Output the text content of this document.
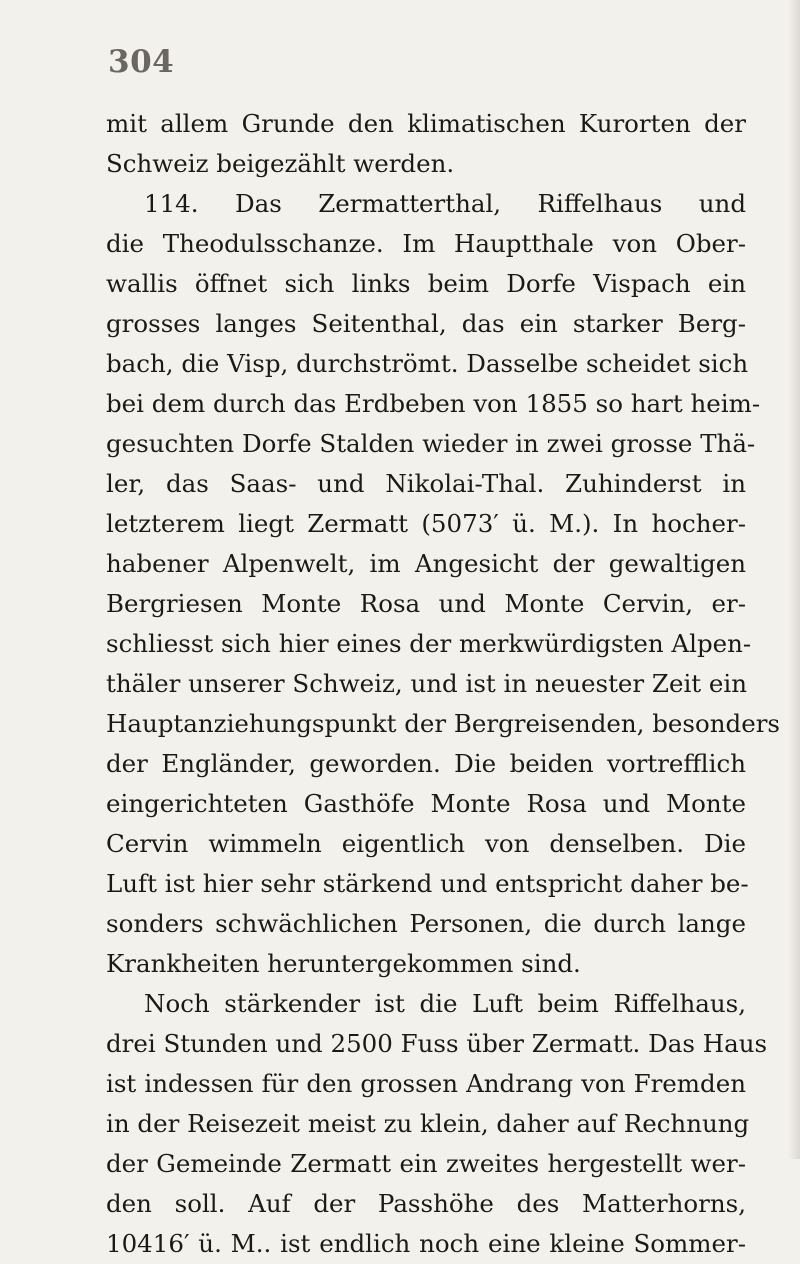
304
mit allem Grunde den klimatischen Kurorten der
Schweiz beigezählt werden.
114. Das Zermatterthal, Riffelhaus und
die Theodulsschanze. Im Hauptthale von Ober-
wallis öffnet sich links beim Dorfe Vispach ein
grosses langes Seitenthal, das ein starker Berg-
bach, die Visp, durchströmt. Dasselbe scheidet sich
bei dem durch das Erdbeben von 1855 so hart heim-
gesuchten Dorfe Stalden wieder in zwei grosse Thä-
ler, das Saas- und Nikolai-Thal. Zuhinderst in
letzterem liegt Zermatt (5073′ ü. M.). In hocher-
habener Alpenwelt, im Angesicht der gewaltigen
Bergriesen Monte Rosa und Monte Cervin, er-
schliesst sich hier eines der merkwürdigsten Alpen-
thäler unserer Schweiz, und ist in neuester Zeit ein
Hauptanziehungspunkt der Bergreisenden, besonders
der Engländer, geworden. Die beiden vortrefflich
eingerichteten Gasthöfe Monte Rosa und Monte
Cervin wimmeln eigentlich von denselben. Die
Luft ist hier sehr stärkend und entspricht daher be-
sonders schwächlichen Personen, die durch lange
Krankheiten heruntergekommen sind.
Noch stärkender ist die Luft beim Riffelhaus,
drei Stunden und 2500 Fuss über Zermatt. Das Haus
ist indessen für den grossen Andrang von Fremden
in der Reisezeit meist zu klein, daher auf Rechnung
der Gemeinde Zermatt ein zweites hergestellt wer-
den soll. Auf der Passhöhe des Matterhorns,
10416′ ü. M.. ist endlich noch eine kleine Sommer-
